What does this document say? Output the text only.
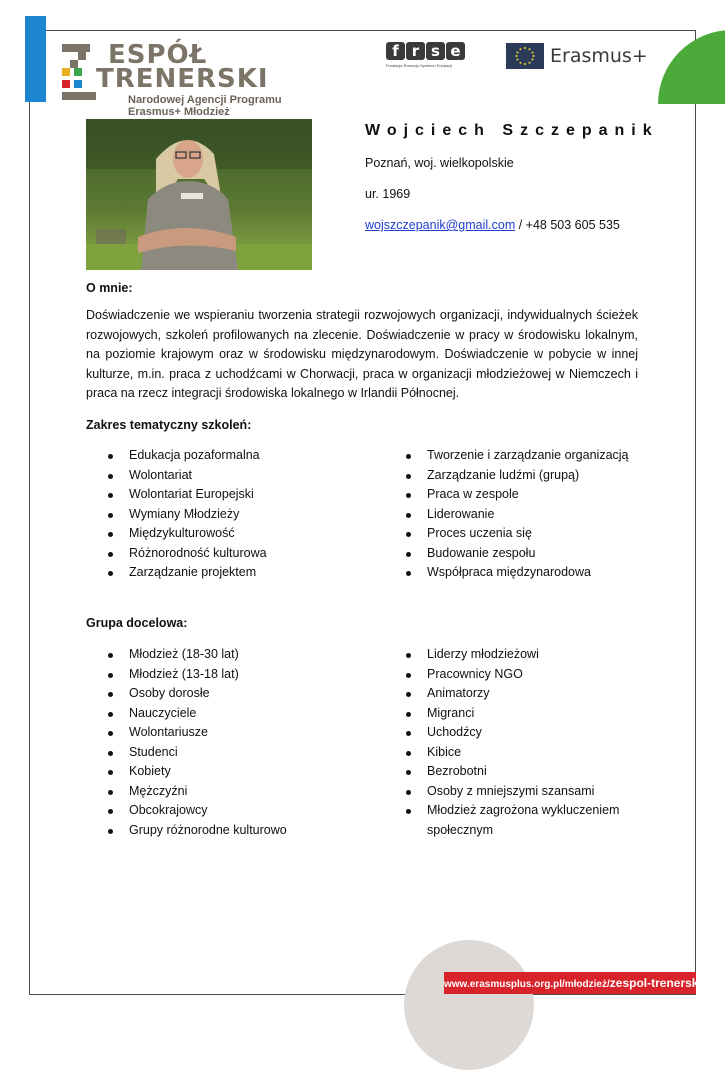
ESPÓŁ
TRENERSKI
Narodowej Agencji Programu
Erasmus+ Młodzież
f r s e
Fundacja Rozwoju Systemu Edukacji	Erasmus+
Wojciech Szczepanik
Poznań, woj. wielkopolskie
ur. 1969
wojszczepanik@gmail.com / +48 503 605 535
O mnie:
Doświadczenie we wspieraniu tworzenia strategii rozwojowych organizacji, indywidualnych ścieżek rozwojowych, szkoleń profilowanych na zlecenie. Doświadczenie w pracy w środowisku lokalnym, na poziomie krajowym oraz w środowisku międzynarodowym. Doświadczenie w pobycie w innej kulturze, m.in. praca z uchodźcami w Chorwacji, praca w organizacji młodzieżowej w Niemczech i praca na rzecz integracji środowiska lokalnego w Irlandii Północnej.
Zakres tematyczny szkoleń:
Edukacja pozaformalna
Wolontariat
Wolontariat Europejski
Wymiany Młodzieży
Międzykulturowość
Różnorodność kulturowa
Zarządzanie projektem
Tworzenie i zarządzanie organizacją
Zarządzanie ludźmi (grupą)
Praca w zespole
Liderowanie
Proces uczenia się
Budowanie zespołu
Współpraca międzynarodowa
Grupa docelowa:
Młodzież (18-30 lat)
Młodzież (13-18 lat)
Osoby dorosłe
Nauczyciele
Wolontariusze
Studenci
Kobiety
Mężczyźni
Obcokrajowcy
Grupy różnorodne kulturowo
Liderzy młodzieżowi
Pracownicy NGO
Animatorzy
Migranci
Uchodźcy
Kibice
Bezrobotni
Osoby z mniejszymi szansami
Młodzież zagrożona wykluczeniem społecznym
www.erasmusplus.org.pl/młodzież/zespol-trenerski
